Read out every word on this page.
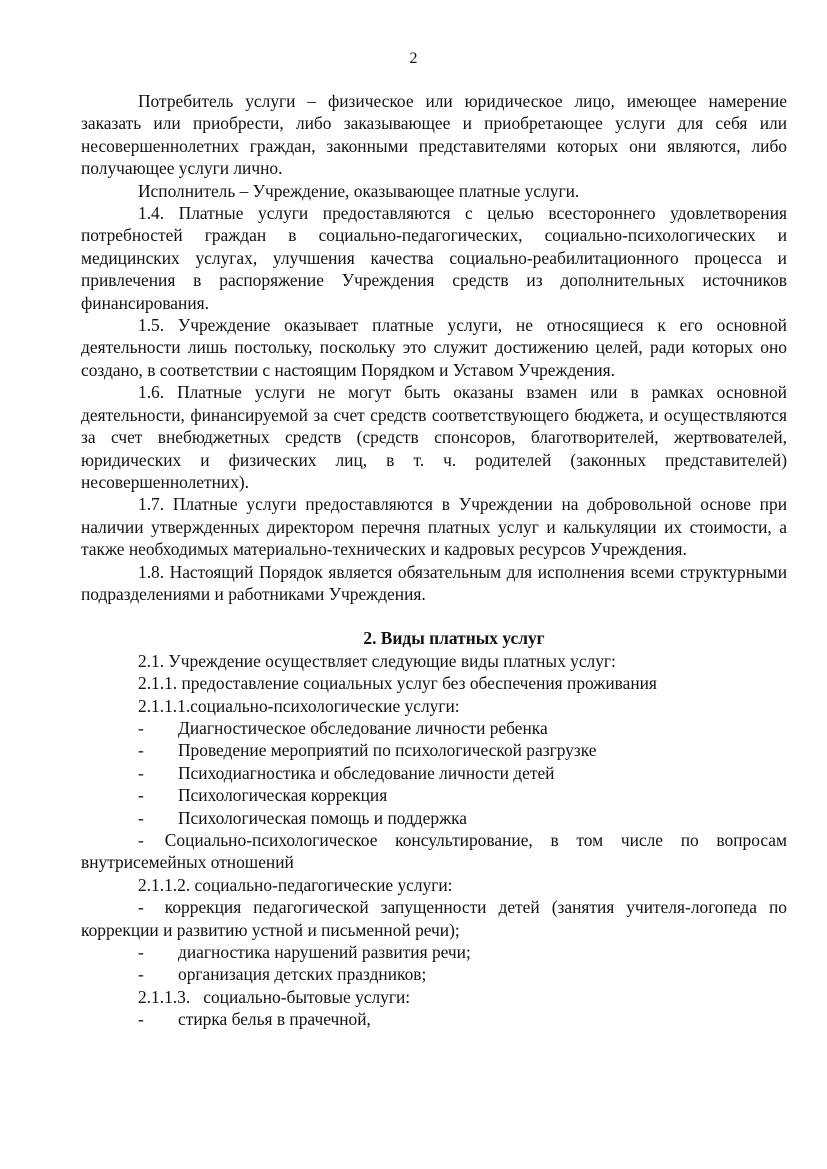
2

Потребитель услуги – физическое или юридическое лицо, имеющее намерение заказать или приобрести, либо заказывающее и приобретающее услуги для себя или несовершеннолетних граждан, законными представителями которых они являются, либо получающее услуги лично.

Исполнитель – Учреждение, оказывающее платные услуги.

1.4. Платные услуги предоставляются с целью всестороннего удовлетворения потребностей граждан в социально-педагогических, социально-психологических и медицинских услугах, улучшения качества социально-реабилитационного процесса и привлечения в распоряжение Учреждения средств из дополнительных источников финансирования.

1.5. Учреждение оказывает платные услуги, не относящиеся к его основной деятельности лишь постольку, поскольку это служит достижению целей, ради которых оно создано, в соответствии с настоящим Порядком и Уставом Учреждения.

1.6. Платные услуги не могут быть оказаны взамен или в рамках основной деятельности, финансируемой за счет средств соответствующего бюджета, и осуществляются за счет внебюджетных средств (средств спонсоров, благотворителей, жертвователей, юридических и физических лиц, в т. ч. родителей (законных представителей) несовершеннолетних).

1.7. Платные услуги предоставляются в Учреждении на добровольной основе при наличии утвержденных директором перечня платных услуг и калькуляции их стоимости, а также необходимых материально-технических и кадровых ресурсов Учреждения.

1.8. Настоящий Порядок является обязательным для исполнения всеми структурными подразделениями и работниками Учреждения.

2. Виды платных услуг

2.1. Учреждение осуществляет следующие виды платных услуг:

2.1.1. предоставление социальных услуг без обеспечения проживания

2.1.1.1.социально-психологические услуги:

-	Диагностическое обследование личности ребенка
-	Проведение мероприятий по психологической разгрузке
-	Психодиагностика и обследование личности детей
-	Психологическая коррекция
-	Психологическая помощь и поддержка

- Социально-психологическое консультирование, в том числе по вопросам внутрисемейных отношений

2.1.1.2. социально-педагогические услуги:

- коррекция педагогической запущенности детей (занятия учителя-логопеда по коррекции и развитию устной и письменной речи);

-	диагностика нарушений развития речи;
-	организация детских праздников;

2.1.1.3. социально-бытовые услуги:

-	стирка белья в прачечной,
